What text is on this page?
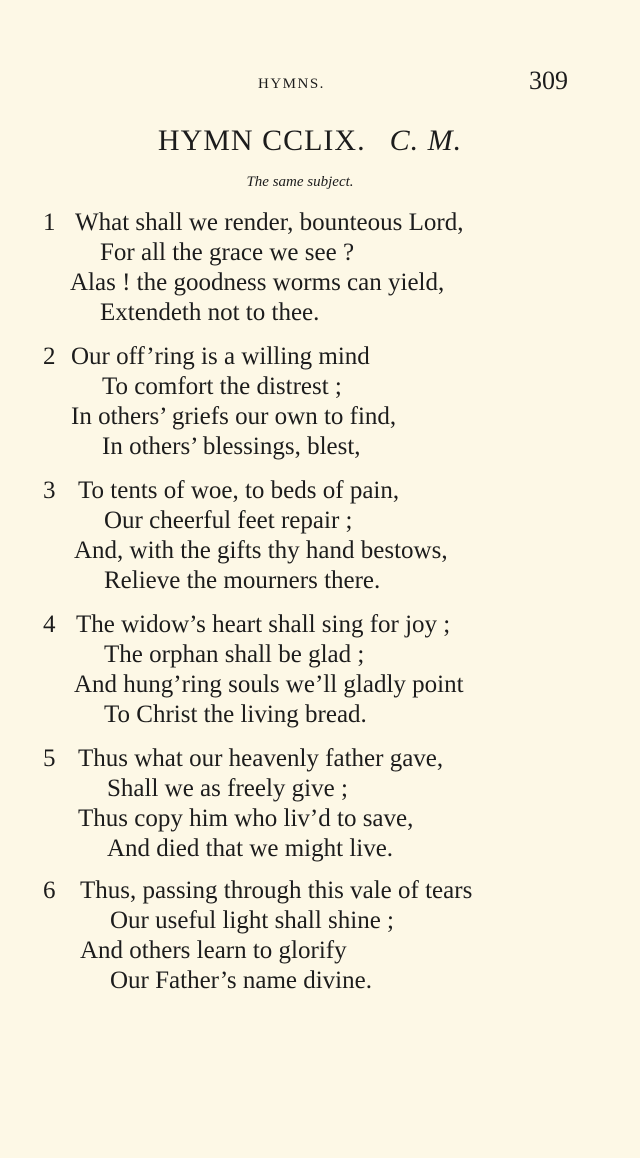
HYMNS.	309
HYMN CCLIX. C. M.
The same subject.
1 What shall we render, bounteous Lord,
For all the grace we see ?
Alas ! the goodness worms can yield,
Extendeth not to thee.
2 Our off’ring is a willing mind
To comfort the distrest ;
In others’ griefs our own to find,
In others’ blessings, blest,
3 To tents of woe, to beds of pain,
Our cheerful feet repair ;
And, with the gifts thy hand bestows,
Relieve the mourners there.
4 The widow’s heart shall sing for joy ;
The orphan shall be glad ;
And hung’ring souls we’ll gladly point
To Christ the living bread.
5 Thus what our heavenly father gave,
Shall we as freely give ;
Thus copy him who liv’d to save,
And died that we might live.
6 Thus, passing through this vale of tears
Our useful light shall shine ;
And others learn to glorify
Our Father’s name divine.
